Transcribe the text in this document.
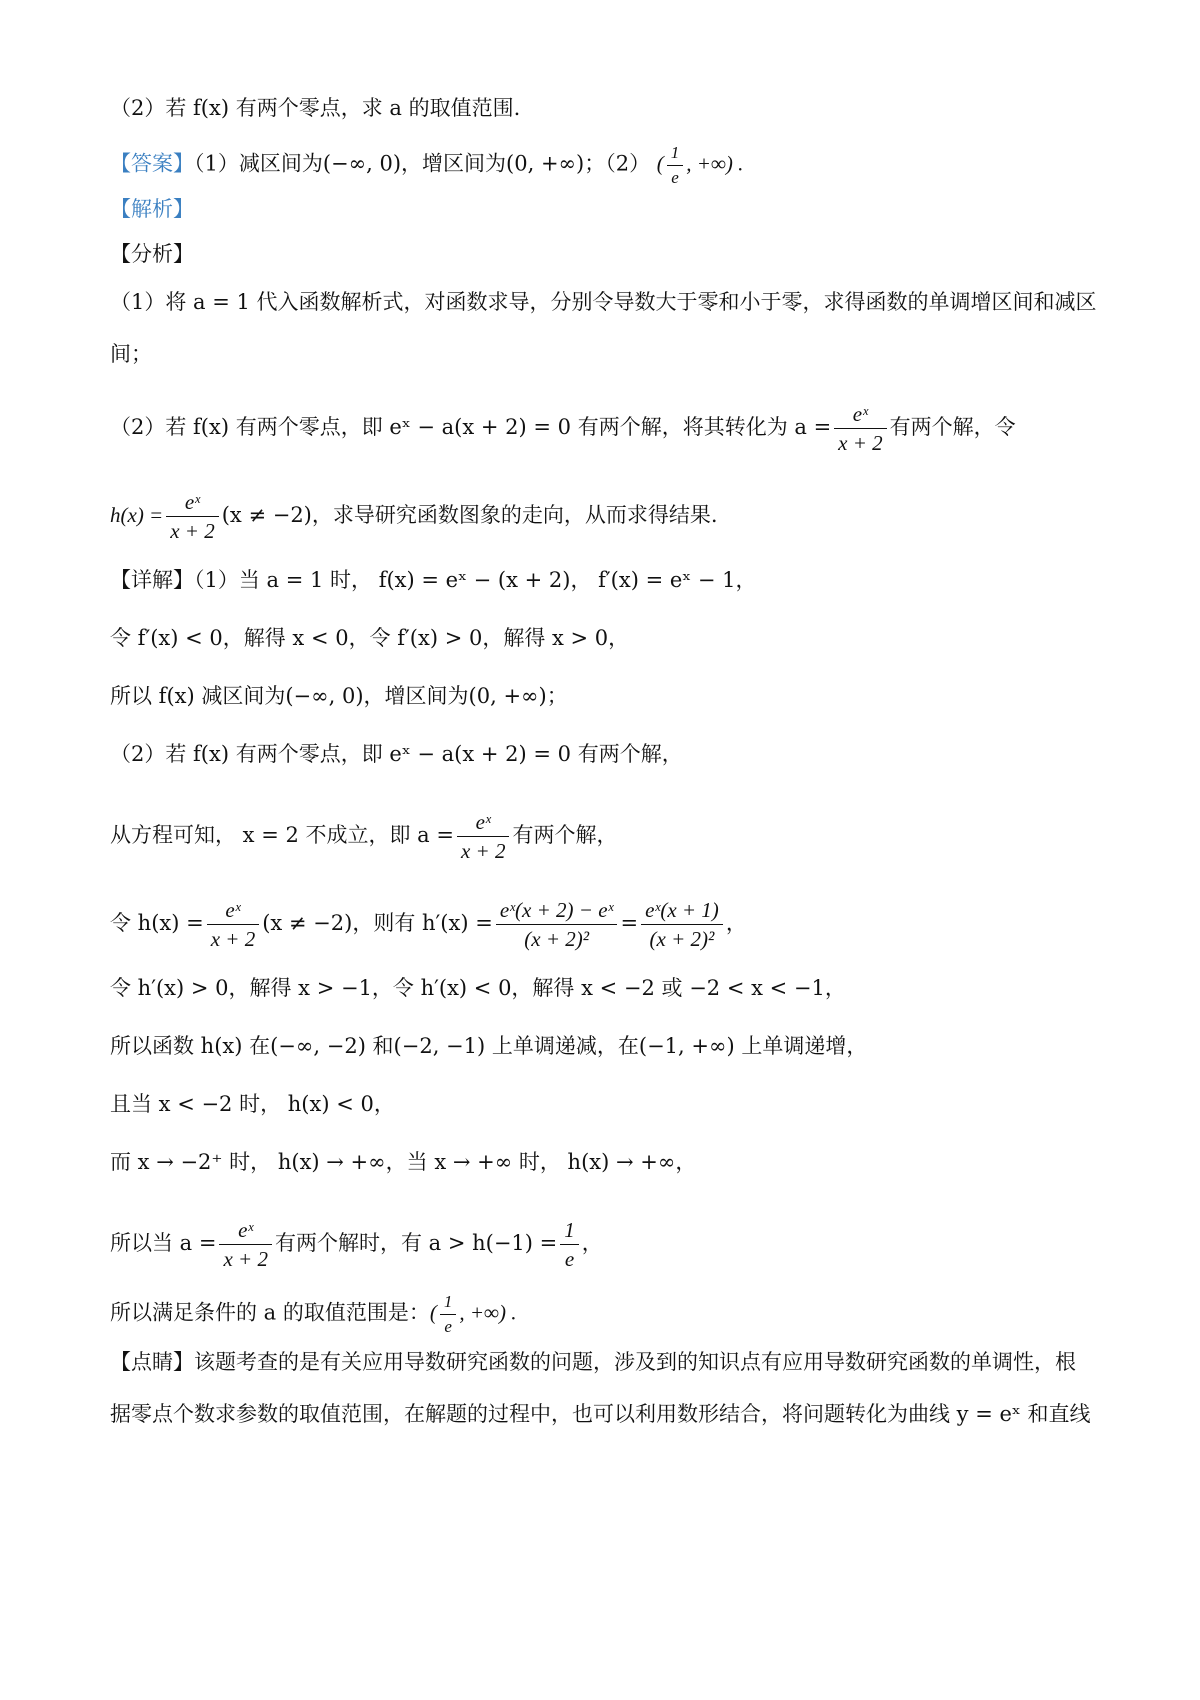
（2）若 f(x) 有两个零点，求 a 的取值范围.
【答案】（1）减区间为(−∞, 0)，增区间为(0, +∞)；（2） ( $\frac{1}{e}$ , +∞) .
【解析】
【分析】
（1）将 a = 1 代入函数解析式，对函数求导，分别令导数大于零和小于零，求得函数的单调增区间和减区
间；
（2）若 f(x) 有两个零点，即 eˣ − a(x + 2) = 0 有两个解，将其转化为 $a = \frac{\text{eˣ}}{x + 2}$ 有两个解，令
$h(x) = \frac{\text{eˣ}}{x + 2} (x \ne -2)$，求导研究函数图象的走向，从而求得结果.
【详解】（1）当 a = 1 时， f(x) = eˣ − (x + 2)， f′(x) = eˣ − 1，
令 f′(x) < 0，解得 x < 0，令 f′(x) > 0，解得 x > 0，
所以 f(x) 减区间为(−∞, 0)，增区间为(0, +∞)；
（2）若 f(x) 有两个零点，即 eˣ − a(x + 2) = 0 有两个解，
从方程可知， x = 2 不成立，即 $a = \frac{\text{eˣ}}{x + 2}$ 有两个解，
令 $h(x) = \frac{\text{eˣ}}{x + 2} (x \ne -2)$，则有 $h'(x) = \frac{\text{eˣ(x + 2) − eˣ}}{\text{(x + 2)²}} = \frac{\text{eˣ(x + 1)}}{\text{(x + 2)²}}$ ，
令 h′(x) > 0，解得 x > −1，令 h′(x) < 0，解得 x < −2 或 −2 < x < −1，
所以函数 h(x) 在(−∞, −2) 和(−2, −1) 上单调递减，在(−1, +∞) 上单调递增，
且当 x < −2 时， h(x) < 0，
而 x → −2⁺ 时， h(x) → +∞，当 x → +∞ 时， h(x) → +∞，
所以当 $a = \frac{\text{eˣ}}{x + 2}$ 有两个解时，有 $a > h(-1) = \frac{1}{e}$ ，
所以满足条件的 a 的取值范围是：( $\frac{1}{e}$ , +∞) .
【点睛】该题考查的是有关应用导数研究函数的问题，涉及到的知识点有应用导数研究函数的单调性，根
据零点个数求参数的取值范围，在解题的过程中，也可以利用数形结合，将问题转化为曲线 y = eˣ 和直线
